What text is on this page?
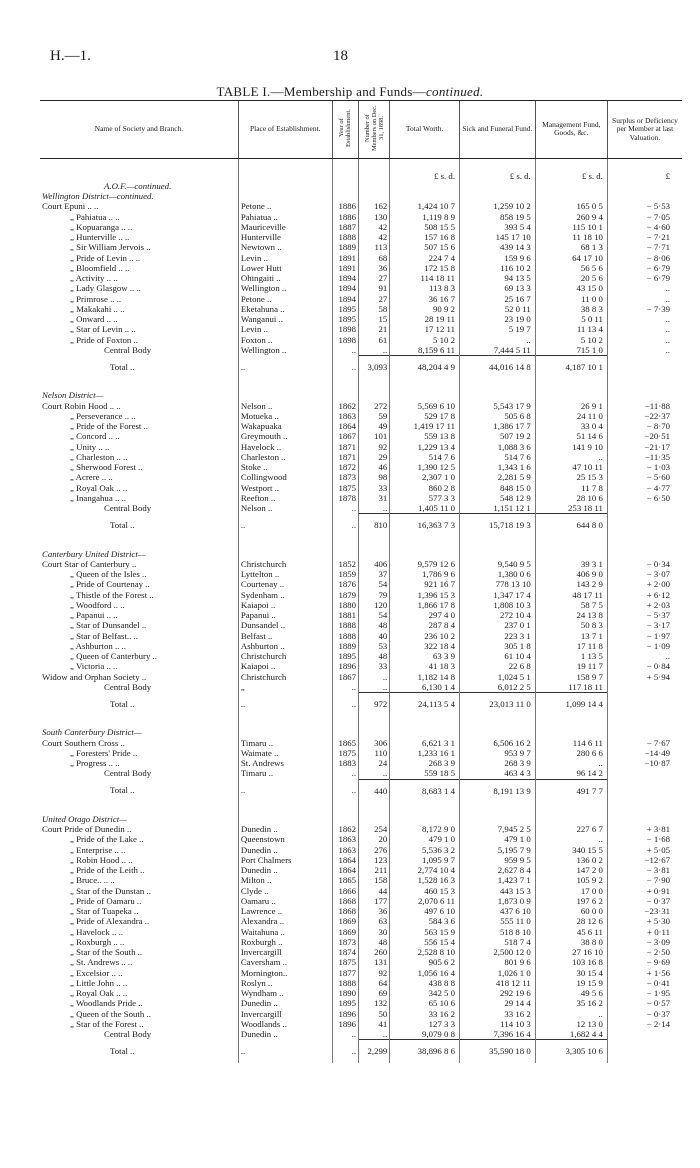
H.—1.	18
TABLE I.—Membership and Funds—continued.
Name of Society and Branch.	Place of Establishment.	Year of Establishment.	Number of Members on Dec. 31, 1898.	Total Worth.	Sick and Funeral Fund.	Management Fund, Goods, &c.	Surplus or Deficiency per Member at last Valuation.
				£ s. d.	£ s. d.	£ s. d.	£
A.O.F.—continued.							
Wellington District—continued.							
Court Epuni .. ..	Petone ..	1886	162	1,424 10 7	1,259 10 2	165 0 5	− 5·53
„ Pahiatua .. ..	Pahiatua ..	1886	130	1,119 8 9	858 19 5	260 9 4	− 7·05
„ Kopuaranga .. ..	Mauriceville	1887	42	508 15 5	393 5 4	115 10 1	− 4·60
„ Hunterville .. ..	Hunterville	1888	42	157 16 8	145 17 10	11 18 10	− 7·21
„ Sir William Jervois ..	Newtown ..	1889	113	507 15 6	439 14 3	68 1 3	− 7·71
„ Pride of Levin .. ..	Levin ..	1891	68	224 7 4	159 9 6	64 17 10	− 8·06
„ Bloomfield .. ..	Lower Hutt	1891	36	172 15 8	116 10 2	56 5 6	− 6·79
„ Activity .. ..	Ohingaiti ..	1894	27	114 18 11	94 13 5	20 5 6	− 6·79
„ Lady Glasgow .. ..	Wellington ..	1894	91	113 8 3	69 13 3	43 15 0	..
„ Primrose .. ..	Petone ..	1894	27	36 16 7	25 16 7	11 0 0	..
„ Makakahi .. ..	Eketahuna ..	1895	58	90 9 2	52 0 11	38 8 3	− 7·39
„ Onward .. ..	Wanganui ..	1895	15	28 19 11	23 19 0	5 0 11	..
„ Star of Levin .. ..	Levin ..	1898	21	17 12 11	5 19 7	11 13 4	..
„ Pride of Foxton ..	Foxton ..	1898	61	5 10 2	..	5 10 2	..
Central Body	Wellington ..	..	..	8,159 6 11	7,444 5 11	715 1 0	..
Total ..	..	..	3,093	48,204 4 9	44,016 14 8	4,187 10 1	
Nelson District—							
Court Robin Hood .. ..	Nelson ..	1862	272	5,569 6 10	5,543 17 9	26 9 1	−11·88
„ Perseverance .. ..	Motueka ..	1863	59	529 17 8	505 6 8	24 11 0	−22·37
„ Pride of the Forest ..	Wakapuaka	1864	49	1,419 17 11	1,386 17 7	33 0 4	− 8·70
„ Concord .. ..	Greymouth ..	1867	101	559 13 8	507 19 2	51 14 6	−20·51
„ Unity .. ..	Havelock ..	1871	92	1,229 13 4	1,088 3 6	141 9 10	−21·17
„ Charleston .. ..	Charleston ..	1871	29	514 7 6	514 7 6	..	−11·35
„ Sherwood Forest ..	Stoke ..	1872	46	1,390 12 5	1,343 1 6	47 10 11	− 1·03
„ Acrere .. ..	Collingwood	1873	98	2,307 1 0	2,281 5 9	25 15 3	− 5·60
„ Royal Oak .. ..	Westport ..	1875	33	860 2 8	848 15 0	11 7 8	− 4·77
„ Inangahua .. ..	Reefton ..	1878	31	577 3 3	548 12 9	28 10 6	− 6·50
Central Body	Nelson ..	..	..	1,405 11 0	1,151 12 1	253 18 11	
Total ..	..	..	810	16,363 7 3	15,718 19 3	644 8 0	
Canterbury United District—							
Court Star of Canterbury ..	Christchurch	1852	406	9,579 12 6	9,540 9 5	39 3 1	− 0·34
„ Queen of the Isles ..	Lyttelton ..	1859	37	1,786 9 6	1,380 0 6	406 9 0	− 3·07
„ Pride of Courtenay ..	Courtenay ..	1876	54	921 16 7	778 13 10	143 2 9	+ 2·00
„ Thistle of the Forest ..	Sydenham ..	1879	79	1,396 15 3	1,347 17 4	48 17 11	+ 6·12
„ Woodford .. ..	Kaiapoi ..	1880	120	1,866 17 8	1,808 10 3	58 7 5	+ 2·03
„ Papanui .. ..	Papanui ..	1881	54	297 4 0	272 10 4	24 13 8	− 5·37
„ Star of Dunsandel ..	Dunsandel ..	1888	48	287 8 4	237 0 1	50 8 3	− 3·17
„ Star of Belfast.. ..	Belfast ..	1888	40	236 10 2	223 3 1	13 7 1	− 1·97
„ Ashburton .. ..	Ashburton ..	1889	53	322 18 4	305 1 8	17 11 8	− 1·09
„ Queen of Canterbury ..	Christchurch	1895	48	63 3 9	61 10 4	1 13 5	..
„ Victoria .. ..	Kaiapoi ..	1896	33	41 18 3	22 6 8	19 11 7	− 0·84
Widow and Orphan Society ..	Christchurch	1867	..	1,182 14 8	1,024 5 1	158 9 7	+ 5·94
Central Body	„	..	..	6,130 1 4	6,012 2 5	117 18 11	
Total ..	..	..	972	24,113 5 4	23,013 11 0	1,099 14 4	
South Canterbury District—							
Court Southern Cross ..	Timaru ..	1865	306	6,621 3 1	6,506 16 2	114 6 11	− 7·67
„ Foresters' Pride ..	Waimate ..	1875	110	1,233 16 1	953 9 7	280 6 6	−14·49
„ Progress .. ..	St. Andrews	1883	24	268 3 9	268 3 9	..	−10·87
Central Body	Timaru ..	..	..	559 18 5	463 4 3	96 14 2	
Total ..	..	..	440	8,683 1 4	8,191 13 9	491 7 7	
United Otago District—							
Court Pride of Dunedin ..	Dunedin ..	1862	254	8,172 9 0	7,945 2 5	227 6 7	+ 3·81
„ Pride of the Lake ..	Queenstown	1863	20	479 1 0	479 1 0	..	− 1·68
„ Enterprise .. ..	Dunedin ..	1863	276	5,536 3 2	5,195 7 9	340 15 5	+ 5·05
„ Robin Hood .. ..	Port Chalmers	1864	123	1,095 9 7	959 9 5	136 0 2	−12·67
„ Pride of the Leith ..	Dunedin ..	1864	211	2,774 10 4	2,627 8 4	147 2 0	− 3·81
„ Bruce.. .. ..	Milton ..	1865	158	1,528 16 3	1,423 7 1	105 9 2	− 7·90
„ Star of the Dunstan ..	Clyde ..	1866	44	460 15 3	443 15 3	17 0 0	+ 0·91
„ Pride of Oamaru ..	Oamaru ..	1868	177	2,070 6 11	1,873 0 9	197 6 2	− 0·37
„ Star of Tuapeka ..	Lawrence ..	1868	36	497 6 10	437 6 10	60 0 0	−23·31
„ Pride of Alexandra ..	Alexandra ..	1869	63	584 3 6	555 11 0	28 12 6	+ 5·30
„ Havelock .. ..	Waitahuna ..	1869	30	563 15 9	518 8 10	45 6 11	+ 0·11
„ Roxburgh .. ..	Roxburgh ..	1873	48	556 15 4	518 7 4	38 8 0	− 3·09
„ Star of the South ..	Invercargill	1874	260	2,528 8 10	2,500 12 0	27 16 10	− 2·50
„ St. Andrews .. ..	Caversham ..	1875	131	905 6 2	801 9 6	103 16 8	− 9·69
„ Excelsior .. ..	Mornington..	1877	92	1,056 16 4	1,026 1 0	30 15 4	+ 1·56
„ Little John .. ..	Roslyn ..	1888	64	438 8 8	418 12 11	19 15 9	− 0·41
„ Royal Oak .. ..	Wyndham ..	1890	69	342 5 0	292 19 6	49 5 6	− 1·95
„ Woodlands Pride ..	Dunedin ..	1895	132	65 10 6	29 14 4	35 16 2	− 0·57
„ Queen of the South ..	Invercargill	1896	50	33 16 2	33 16 2	..	− 0·37
„ Star of the Forest ..	Woodlands ..	1896	41	127 3 3	114 10 3	12 13 0	− 2·14
Central Body	Dunedin ..	..	..	9,079 0 8	7,396 16 4	1,682 4 4	
Total ..	..	..	2,299	38,896 8 6	35,590 18 0	3,305 10 6	
